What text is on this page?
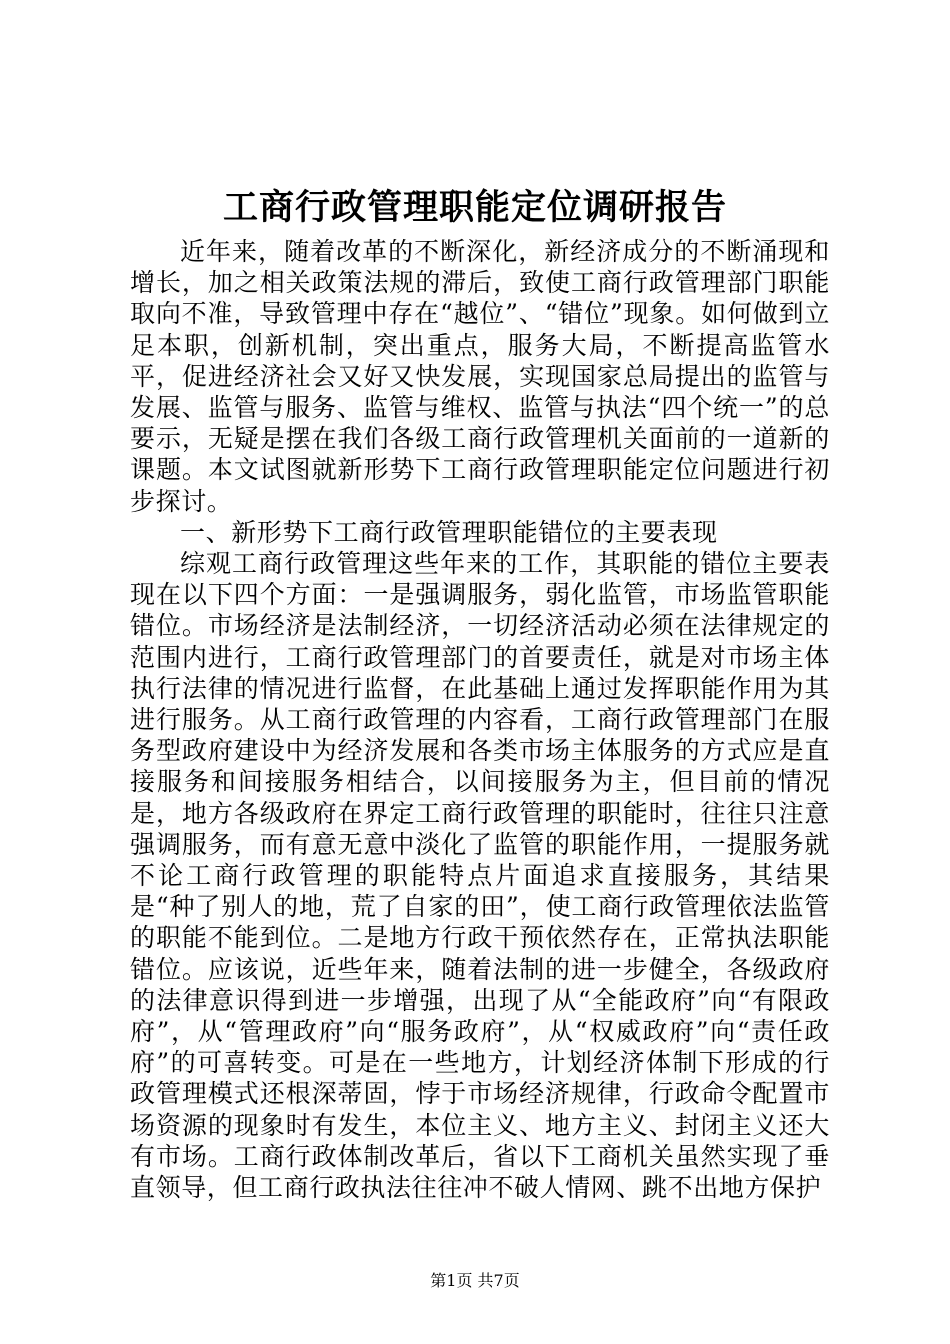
工商行政管理职能定位调研报告

近年来，随着改革的不断深化，新经济成分的不断涌现和增长，加之相关政策法规的滞后，致使工商行政管理部门职能取向不准，导致管理中存在“越位”、“错位”现象。如何做到立足本职，创新机制，突出重点，服务大局，不断提高监管水平，促进经济社会又好又快发展，实现国家总局提出的监管与发展、监管与服务、监管与维权、监管与执法“四个统一”的总要示，无疑是摆在我们各级工商行政管理机关面前的一道新的课题。本文试图就新形势下工商行政管理职能定位问题进行初步探讨。

一、新形势下工商行政管理职能错位的主要表现

综观工商行政管理这些年来的工作，其职能的错位主要表现在以下四个方面：一是强调服务，弱化监管，市场监管职能错位。市场经济是法制经济，一切经济活动必须在法律规定的范围内进行，工商行政管理部门的首要责任，就是对市场主体执行法律的情况进行监督，在此基础上通过发挥职能作用为其进行服务。从工商行政管理的内容看，工商行政管理部门在服务型政府建设中为经济发展和各类市场主体服务的方式应是直接服务和间接服务相结合，以间接服务为主，但目前的情况是，地方各级政府在界定工商行政管理的职能时，往往只注意强调服务，而有意无意中淡化了监管的职能作用，一提服务就不论工商行政管理的职能特点片面追求直接服务，其结果是“种了别人的地，荒了自家的田”，使工商行政管理依法监管的职能不能到位。二是地方行政干预依然存在，正常执法职能错位。应该说，近些年来，随着法制的进一步健全，各级政府的法律意识得到进一步增强，出现了从“全能政府”向“有限政府”，从“管理政府”向“服务政府”，从“权威政府”向“责任政府”的可喜转变。可是在一些地方，计划经济体制下形成的行政管理模式还根深蒂固，悖于市场经济规律，行政命令配置市场资源的现象时有发生，本位主义、地方主义、封闭主义还大有市场。工商行政体制改革后，省以下工商机关虽然实现了垂直领导，但工商行政执法往往冲不破人情网、跳不出地方保护

第1页 共7页
